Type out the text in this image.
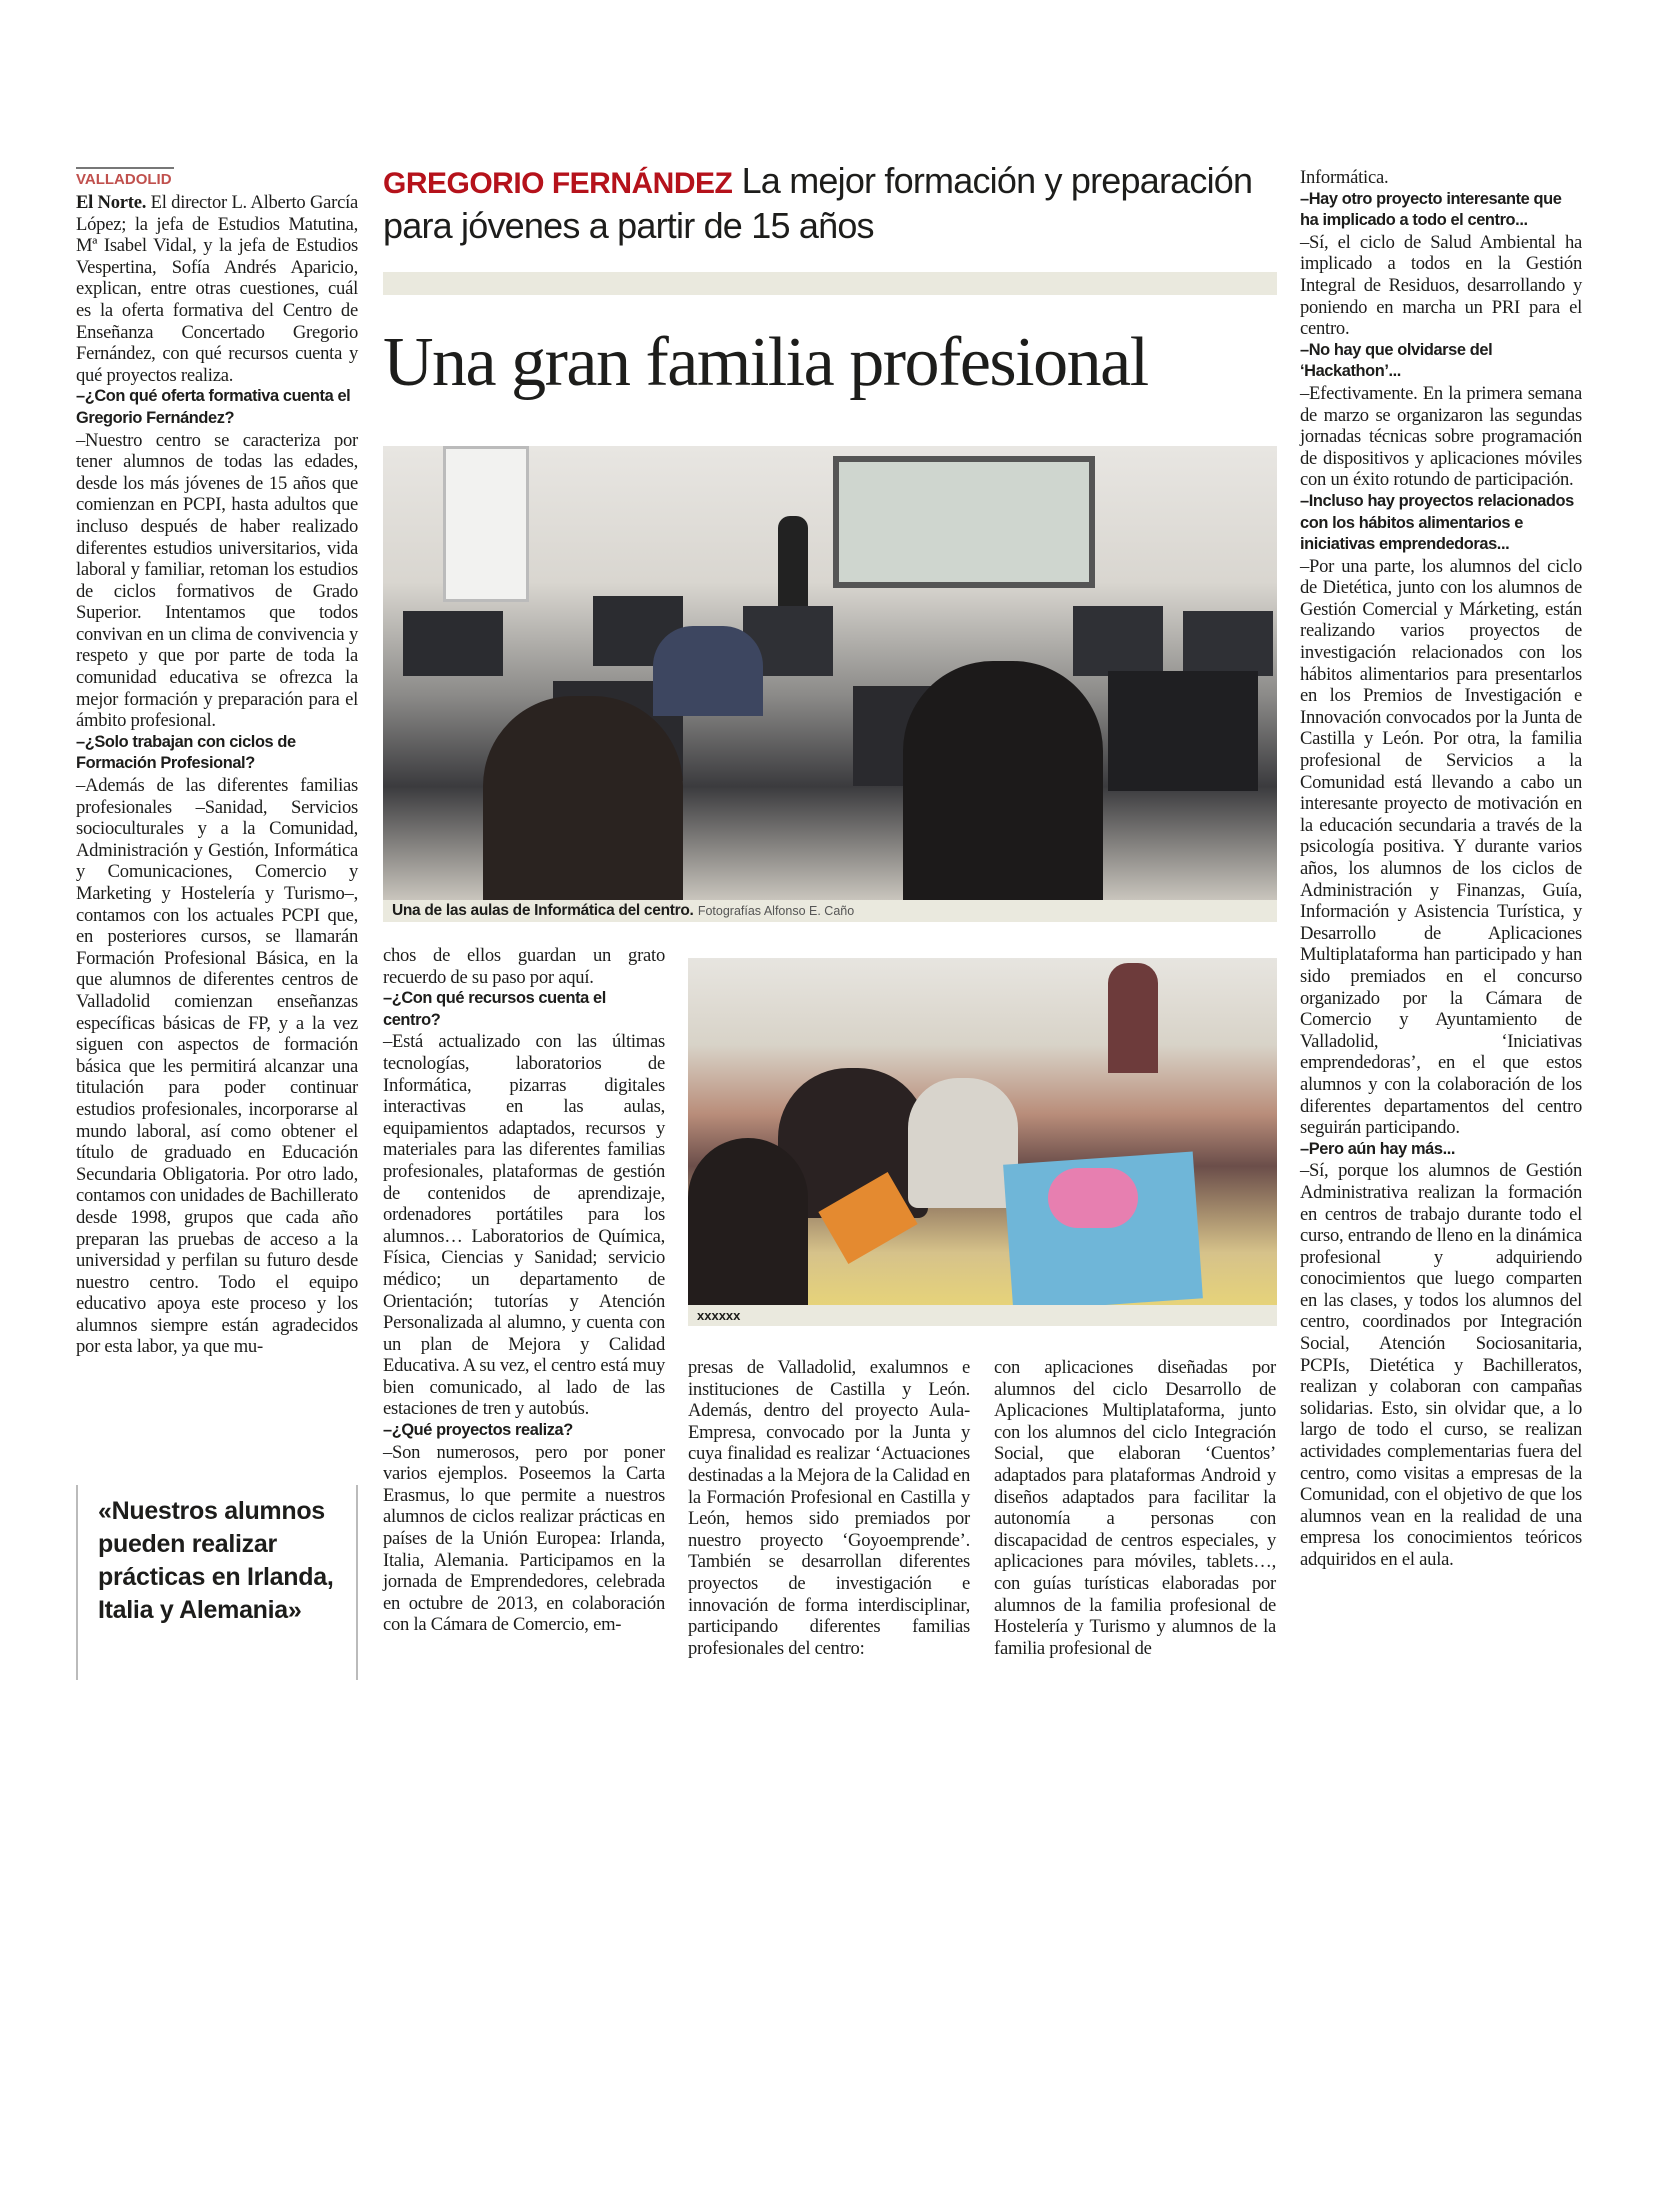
VALLADOLID	GREGORIO FERNÁNDEZ La mejor formación y preparación para jóvenes a partir de 15 años
Una gran familia profesional
Una de las aulas de Informática del centro. Fotografías Alfonso E. Caño
xxxxxx
«Nuestros alumnos pueden realizar prácticas en Irlanda, Italia y Alemania»

El Norte. El director L. Alberto García López; la jefa de Estudios Matutina, Mª Isabel Vidal, y la jefa de Estudios Vespertina, Sofía Andrés Aparicio, explican, entre otras cuestiones, cuál es la oferta formativa del Centro de Enseñanza Concertado Gregorio Fernández, con qué recursos cuenta y qué proyectos realiza.

–¿Con qué oferta formativa cuenta el Gregorio Fernández?

–Nuestro centro se caracteriza por tener alumnos de todas las edades, desde los más jóvenes de 15 años que comienzan en PCPI, hasta adultos que incluso después de haber realizado diferentes estudios universitarios, vida laboral y familiar, retoman los estudios de ciclos formativos de Grado Superior. Intentamos que todos convivan en un clima de convivencia y respeto y que por parte de toda la comunidad educativa se ofrezca la mejor formación y preparación para el ámbito profesional.

–¿Solo trabajan con ciclos de Formación Profesional?

–Además de las diferentes familias profesionales –Sanidad, Servicios socioculturales y a la Comunidad, Administración y Gestión, Informática y Comunicaciones, Comercio y Marketing y Hostelería y Turismo–, contamos con los actuales PCPI que, en posteriores cursos, se llamarán Formación Profesional Básica, en la que alumnos de diferentes centros de Valladolid comienzan enseñanzas específicas básicas de FP, y a la vez siguen con aspectos de formación básica que les permitirá alcanzar una titulación para poder continuar estudios profesionales, incorporarse al mundo laboral, así como obtener el título de graduado en Educación Secundaria Obligatoria. Por otro lado, contamos con unidades de Bachillerato desde 1998, grupos que cada año preparan las pruebas de acceso a la universidad y perfilan su futuro desde nuestro centro. Todo el equipo educativo apoya este proceso y los alumnos siempre están agradecidos por esta labor, ya que mu-

chos de ellos guardan un grato recuerdo de su paso por aquí.

–¿Con qué recursos cuenta el centro?

–Está actualizado con las últimas tecnologías, laboratorios de Informática, pizarras digitales interactivas en las aulas, equipamientos adaptados, recursos y materiales para las diferentes familias profesionales, plataformas de gestión de contenidos de aprendizaje, ordenadores portátiles para los alumnos… Laboratorios de Química, Física, Ciencias y Sanidad; servicio médico; un departamento de Orientación; tutorías y Atención Personalizada al alumno, y cuenta con un plan de Mejora y Calidad Educativa. A su vez, el centro está muy bien comunicado, al lado de las estaciones de tren y autobús.

–¿Qué proyectos realiza?

–Son numerosos, pero por poner varios ejemplos. Poseemos la Carta Erasmus, lo que permite a nuestros alumnos de ciclos realizar prácticas en países de la Unión Europea: Irlanda, Italia, Alemania. Participamos en la jornada de Emprendedores, celebrada en octubre de 2013, en colaboración con la Cámara de Comercio, em-

presas de Valladolid, exalumnos e instituciones de Castilla y León. Además, dentro del proyecto Aula-Empresa, convocado por la Junta y cuya finalidad es realizar ‘Actuaciones destinadas a la Mejora de la Calidad en la Formación Profesional en Castilla y León, hemos sido premiados por nuestro proyecto ‘Goyoemprende’. También se desarrollan diferentes proyectos de investigación e innovación de forma interdisciplinar, participando diferentes familias profesionales del centro:

con aplicaciones diseñadas por alumnos del ciclo Desarrollo de Aplicaciones Multiplataforma, junto con los alumnos del ciclo Integración Social, que elaboran ‘Cuentos’ adaptados para plataformas Android y diseños adaptados para facilitar la autonomía a personas con discapacidad de centros especiales, y aplicaciones para móviles, tablets…, con guías turísticas elaboradas por alumnos de la familia profesional de Hostelería y Turismo y alumnos de la familia profesional de

Informática.

–Hay otro proyecto interesante que ha implicado a todo el centro...

–Sí, el ciclo de Salud Ambiental ha implicado a todos en la Gestión Integral de Residuos, desarrollando y poniendo en marcha un PRI para el centro.

–No hay que olvidarse del ‘Hackathon’...

–Efectivamente. En la primera semana de marzo se organizaron las segundas jornadas técnicas sobre programación de dispositivos y aplicaciones móviles con un éxito rotundo de participación.

–Incluso hay proyectos relacionados con los hábitos alimentarios e iniciativas emprendedoras...

–Por una parte, los alumnos del ciclo de Dietética, junto con los alumnos de Gestión Comercial y Márketing, están realizando varios proyectos de investigación relacionados con los hábitos alimentarios para presentarlos en los Premios de Investigación e Innovación convocados por la Junta de Castilla y León. Por otra, la familia profesional de Servicios a la Comunidad está llevando a cabo un interesante proyecto de motivación en la educación secundaria a través de la psicología positiva. Y durante varios años, los alumnos de los ciclos de Administración y Finanzas, Guía, Información y Asistencia Turística, y Desarrollo de Aplicaciones Multiplataforma han participado y han sido premiados en el concurso organizado por la Cámara de Comercio y Ayuntamiento de Valladolid, ‘Iniciativas emprendedoras’, en el que estos alumnos y con la colaboración de los diferentes departamentos del centro seguirán participando.

–Pero aún hay más...

–Sí, porque los alumnos de Gestión Administrativa realizan la formación en centros de trabajo durante todo el curso, entrando de lleno en la dinámica profesional y adquiriendo conocimientos que luego comparten en las clases, y todos los alumnos del centro, coordinados por Integración Social, Atención Sociosanitaria, PCPIs, Dietética y Bachilleratos, realizan y colaboran con campañas solidarias. Esto, sin olvidar que, a lo largo de todo el curso, se realizan actividades complementarias fuera del centro, como visitas a empresas de la Comunidad, con el objetivo de que los alumnos vean en la realidad de una empresa los conocimientos teóricos adquiridos en el aula.
